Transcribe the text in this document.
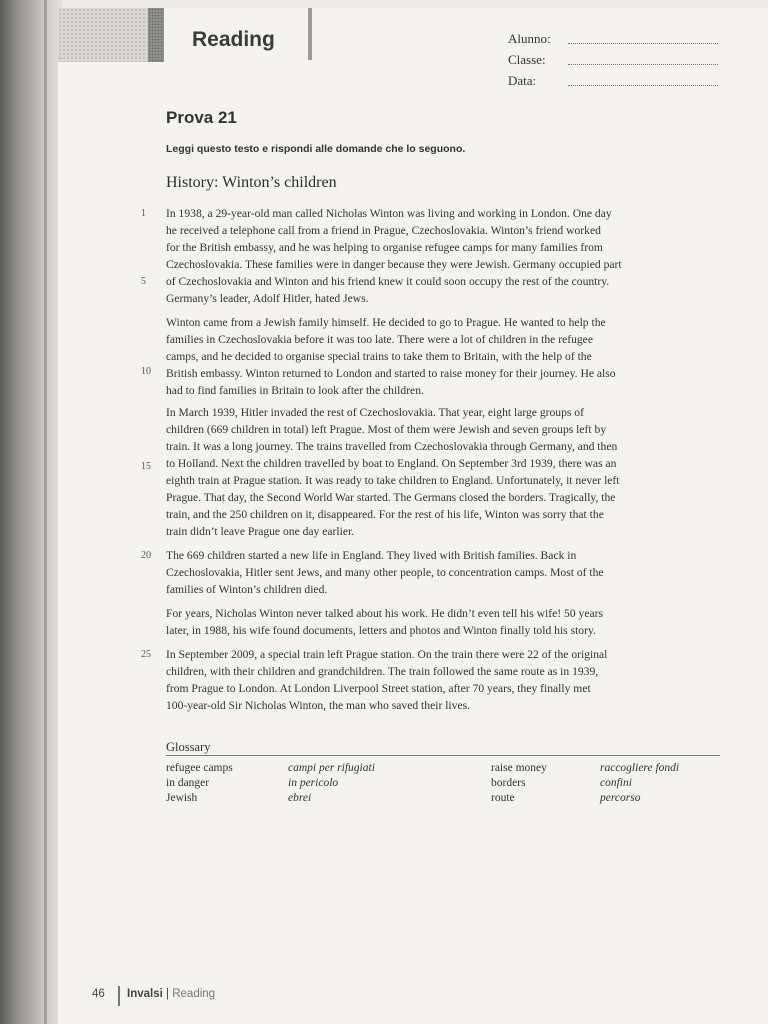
Reading	Alunno:
Classe:
Data:
Prova 21
Leggi questo testo e rispondi alle domande che lo seguono.
History: Winton’s children
In 1938, a 29-year-old man called Nicholas Winton was living and working in London. One day
he received a telephone call from a friend in Prague, Czechoslovakia. Winton’s friend worked
for the British embassy, and he was helping to organise refugee camps for many families from
Czechoslovakia. These families were in danger because they were Jewish. Germany occupied part
of Czechoslovakia and Winton and his friend knew it could soon occupy the rest of the country.
Germany’s leader, Adolf Hitler, hated Jews.
Winton came from a Jewish family himself. He decided to go to Prague. He wanted to help the
families in Czechoslovakia before it was too late. There were a lot of children in the refugee
camps, and he decided to organise special trains to take them to Britain, with the help of the
British embassy. Winton returned to London and started to raise money for their journey. He also
had to find families in Britain to look after the children.
In March 1939, Hitler invaded the rest of Czechoslovakia. That year, eight large groups of
children (669 children in total) left Prague. Most of them were Jewish and seven groups left by
train. It was a long journey. The trains travelled from Czechoslovakia through Germany, and then
to Holland. Next the children travelled by boat to England. On September 3rd 1939, there was an
eighth train at Prague station. It was ready to take children to England. Unfortunately, it never left
Prague. That day, the Second World War started. The Germans closed the borders. Tragically, the
train, and the 250 children on it, disappeared. For the rest of his life, Winton was sorry that the
train didn’t leave Prague one day earlier.
The 669 children started a new life in England. They lived with British families. Back in
Czechoslovakia, Hitler sent Jews, and many other people, to concentration camps. Most of the
families of Winton’s children died.
For years, Nicholas Winton never talked about his work. He didn’t even tell his wife! 50 years
later, in 1988, his wife found documents, letters and photos and Winton finally told his story.
In September 2009, a special train left Prague station. On the train there were 22 of the original
children, with their children and grandchildren. The train followed the same route as in 1939,
from Prague to London. At London Liverpool Street station, after 70 years, they finally met
100-year-old Sir Nicholas Winton, the man who saved their lives.
1
5
10
15
20
25
Glossary
refugee camps
in danger
Jewish
campi per rifugiati
in pericolo
ebrei
raise money
borders
route
raccogliere fondi
confini
percorso
46 Invalsi | Reading
